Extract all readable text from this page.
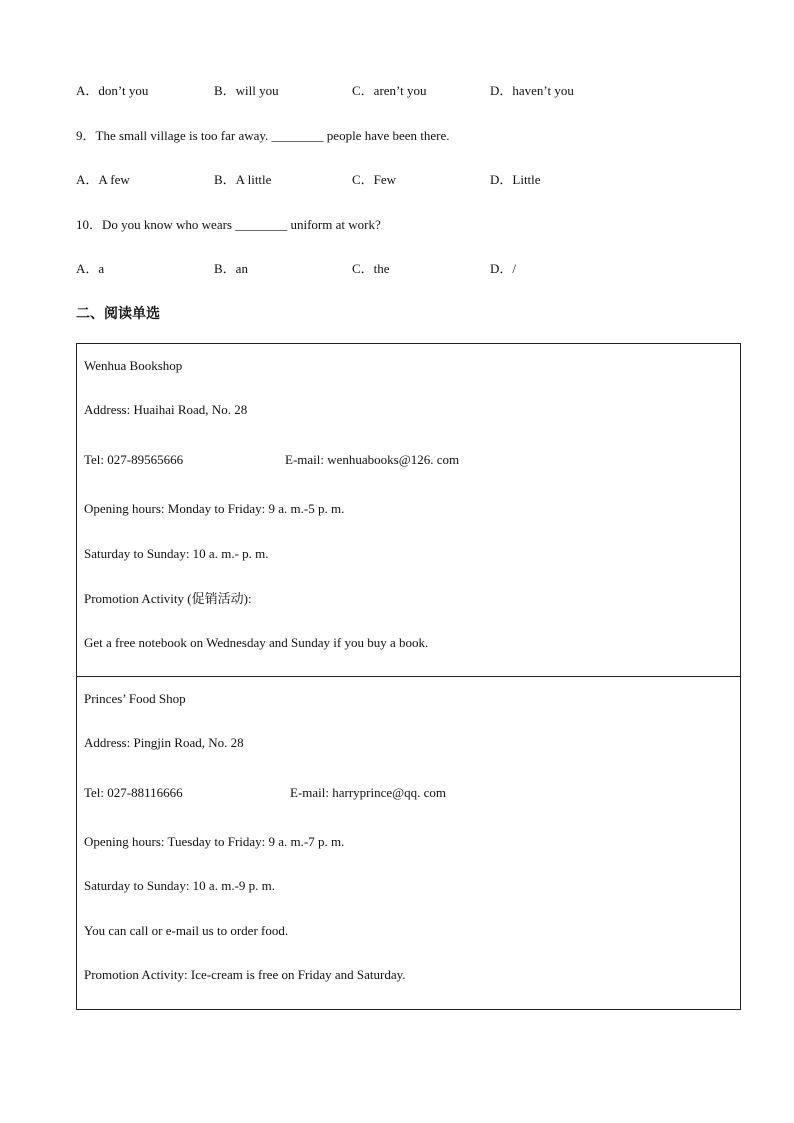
A．don’t you	B．will you	C．aren’t you	D．haven’t you
9．The small village is too far away. ________ people have been there.
A．A few	B．A little	C．Few	D．Little
10．Do you know who wears ________ uniform at work?
A．a	B．an	C．the	D．/
二、阅读单选
Wenhua Bookshop
Address: Huaihai Road, No. 28
Tel: 027-89565666	E-mail: wenhuabooks@126. com
Opening hours: Monday to Friday: 9 a. m.-5 p. m.
Saturday to Sunday: 10 a. m.- p. m.
Promotion Activity (促销活动):
Get a free notebook on Wednesday and Sunday if you buy a book.
Princes’ Food Shop
Address: Pingjin Road, No. 28
Tel: 027-88116666	E-mail: harryprince@qq. com
Opening hours: Tuesday to Friday: 9 a. m.-7 p. m.
Saturday to Sunday: 10 a. m.-9 p. m.
You can call or e-mail us to order food.
Promotion Activity: Ice-cream is free on Friday and Saturday.
